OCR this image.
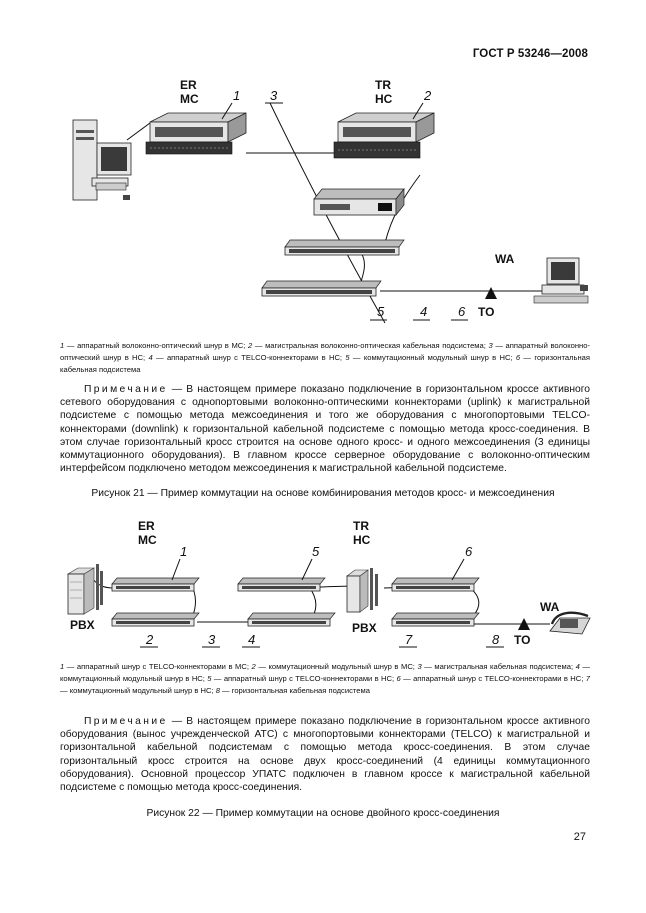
ГОСТ Р 53246—2008
ER
MC
TR
HC
WA
TO
1	2
3
5	4 6

1 — аппаратный волоконно-оптический шнур в МС; 2 — магистральная волоконно-оптическая кабельная подсистема; 3 — аппаратный волоконно-оптический шнур в НС; 4 — аппаратный шнур с TELCO-коннекторами в НС; 5 — коммутационный модульный шнур в НС; 6 — горизонтальная кабельная подсистема

Примечание — В настоящем примере показано подключение в горизонтальном кроссе активного сетевого оборудования с однопортовыми волоконно-оптическими коннекторами (uplink) к магистральной подсистеме с помощью метода межсоединения и того же оборудования с многопортовыми TELCO-коннекторами (downlink) к горизонтальной кабельной подсистеме с помощью метода кросс-соединения. В этом случае горизонтальный кросс строится на основе одного кросс- и одного межсоединения (3 единицы коммутационного оборудования). В главном кроссе серверное оборудование с волоконно-оптическим интерфейсом подключено методом межсоединения к магистральной кабельной подсистеме.

Рисунок 21 — Пример коммутации на основе комбинирования методов кросс- и межсоединения

ER
MC
TR
HC
WA
TO
PBX	PBX
1	5	6
2	3	4	7	8

1 — аппаратный шнур с TELCO-коннекторами в МС; 2 — коммутационный модульный шнур в МС; 3 — магистральная кабельная подсистема; 4 — коммутационный модульный шнур в НС; 5 — аппаратный шнур с TELCO-коннекторами в НС; 6 — аппаратный шнур с TELCO-коннекторами в НС; 7 — коммутационный модульный шнур в НС; 8 — горизонтальная кабельная подсистема

Примечание — В настоящем примере показано подключение в горизонтальном кроссе активного оборудования (вынос учрежденческой АТС) с многопортовыми коннекторами (TELCO) к магистральной и горизонтальной кабельной подсистемам с помощью метода кросс-соединения. В этом случае горизонтальный кросс строится на основе двух кросс-соединений (4 единицы коммутационного оборудования). Основной процессор УПАТС подключен в главном кроссе к магистральной кабельной подсистеме с помощью метода кросс-соединения.

Рисунок 22 — Пример коммутации на основе двойного кросс-соединения

27
